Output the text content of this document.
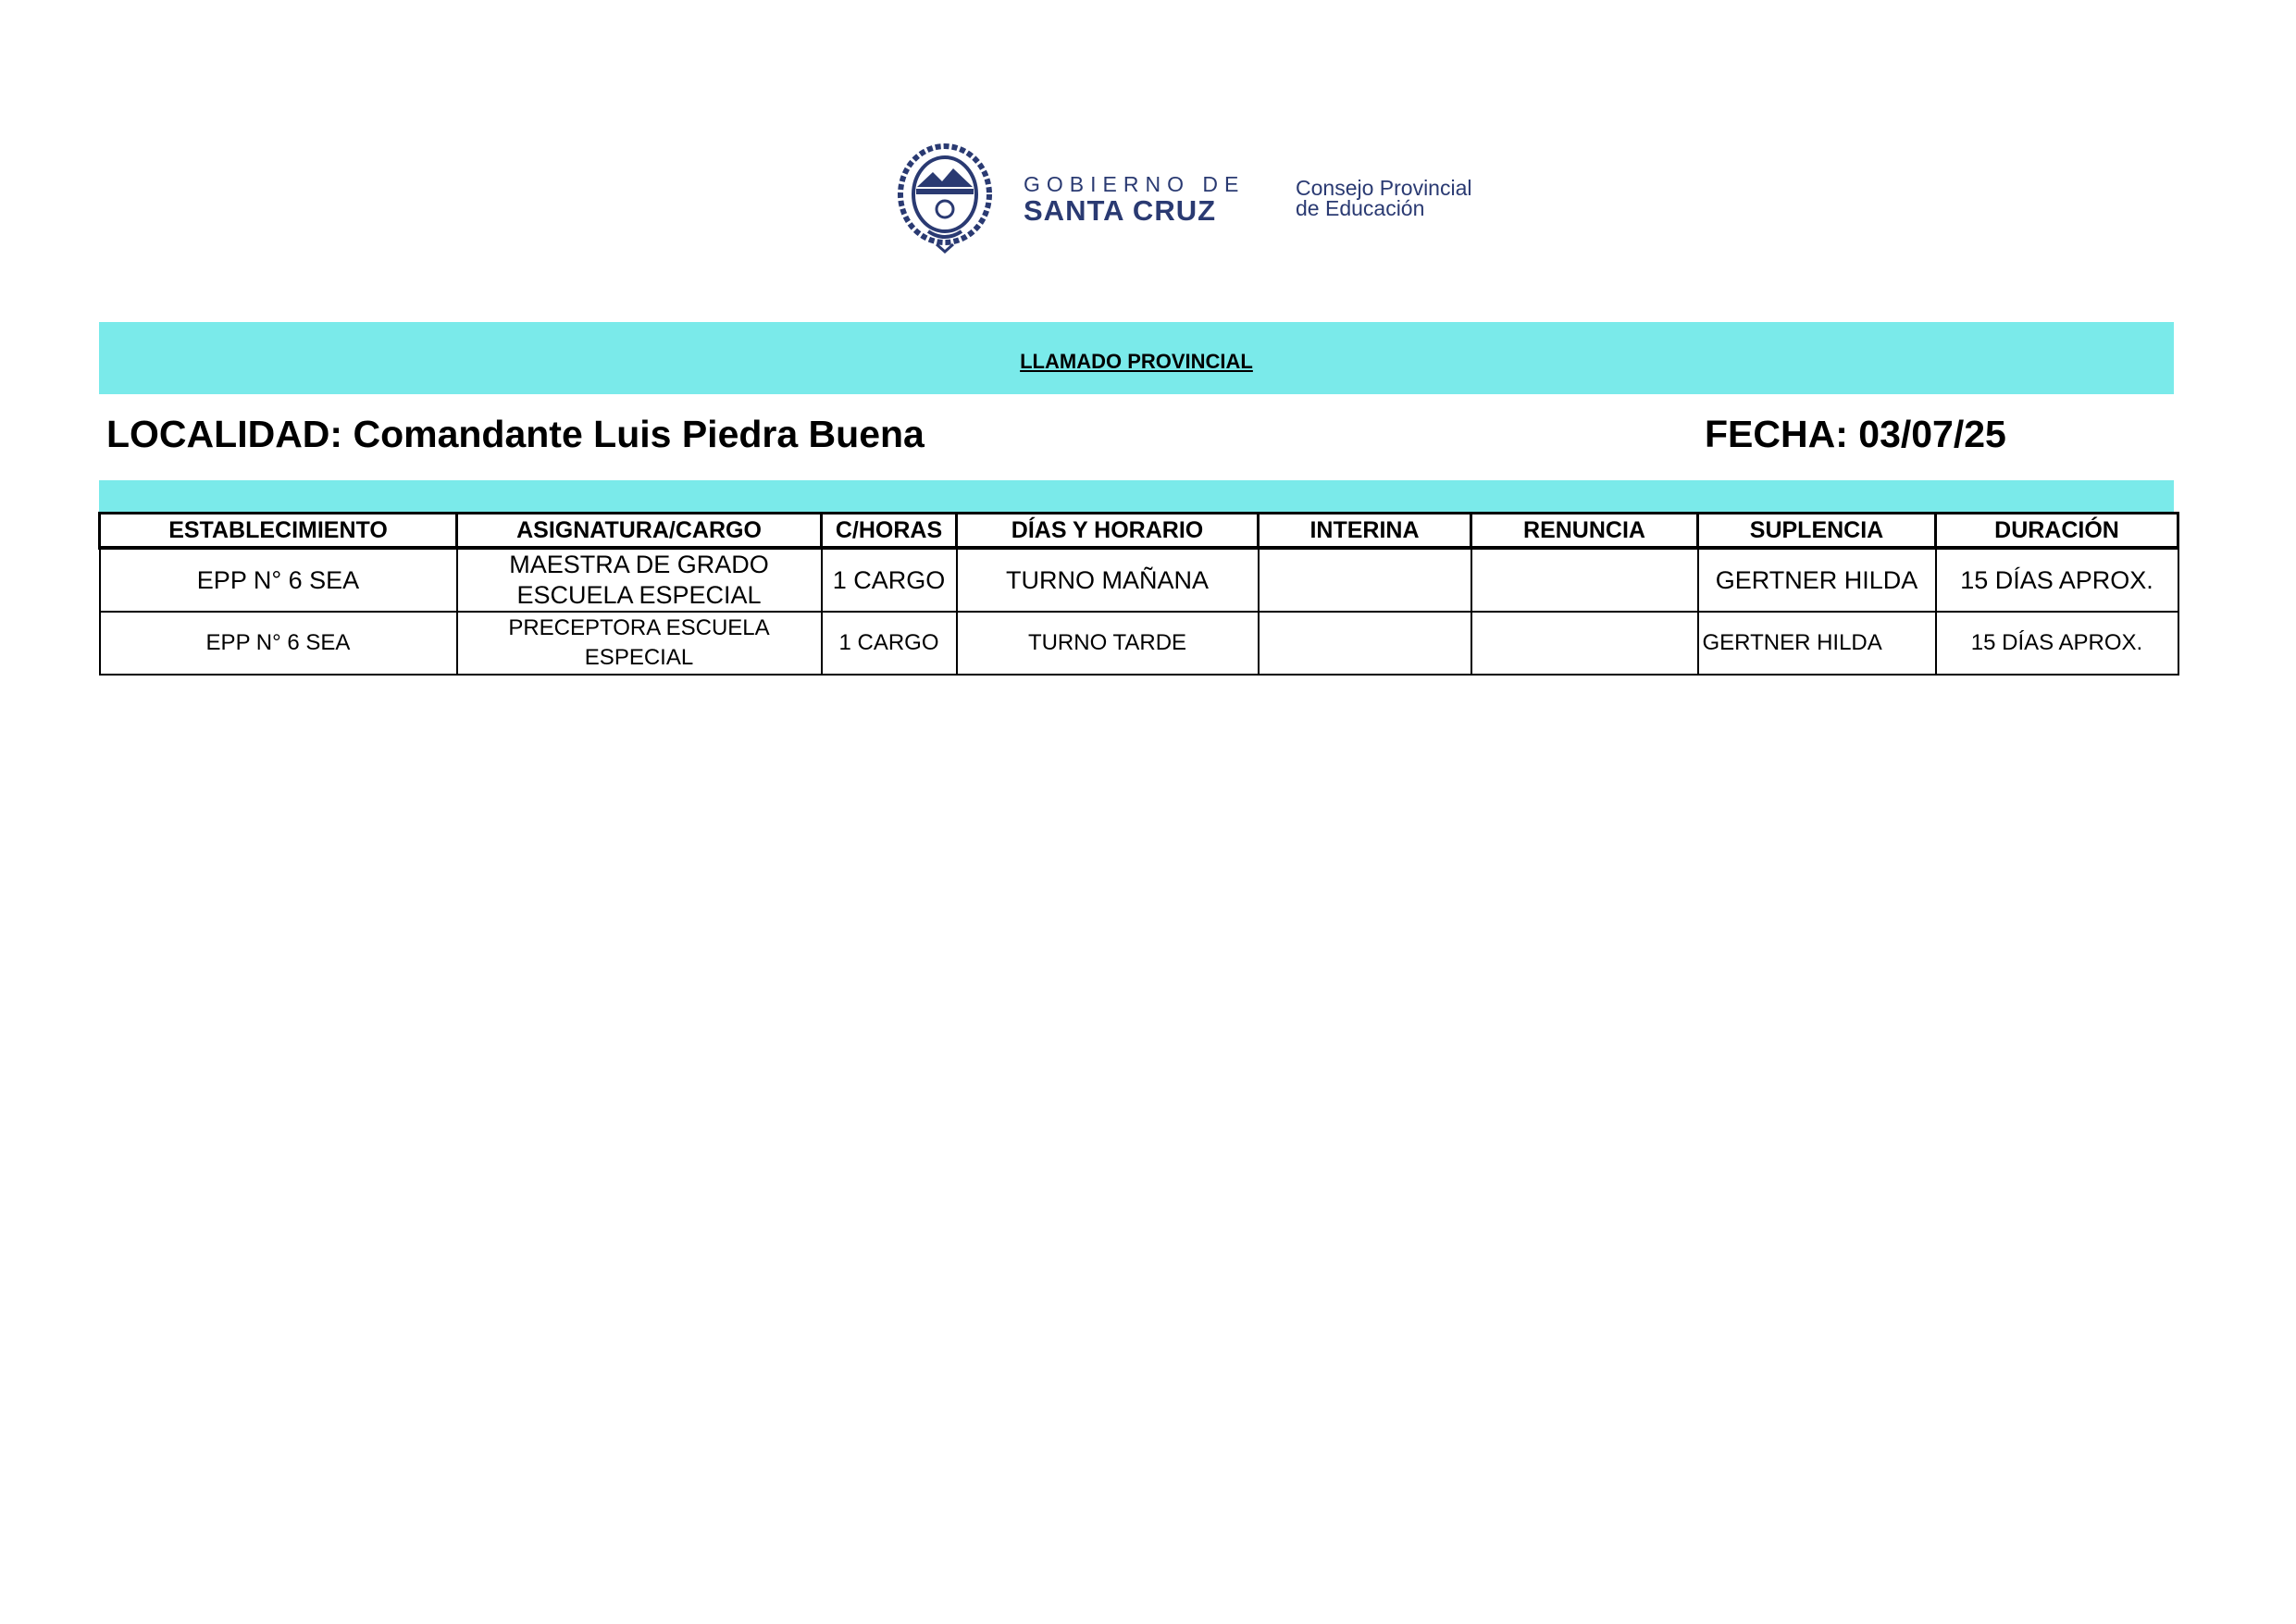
GOBIERNO DE
SANTA CRUZ
Consejo Provincial
de Educación
LLAMADO PROVINCIAL
LOCALIDAD: Comandante Luis Piedra Buena	FECHA: 03/07/25
ESTABLECIMIENTO	ASIGNATURA/CARGO	C/HORAS	DÍAS Y HORARIO	INTERINA	RENUNCIA	SUPLENCIA	DURACIÓN
EPP N° 6 SEA	MAESTRA DE GRADO
ESCUELA ESPECIAL	1 CARGO	TURNO MAÑANA			GERTNER HILDA	15 DÍAS APROX.
EPP N° 6 SEA	PRECEPTORA ESCUELA
ESPECIAL	1 CARGO	TURNO TARDE			GERTNER HILDA	15 DÍAS APROX.
